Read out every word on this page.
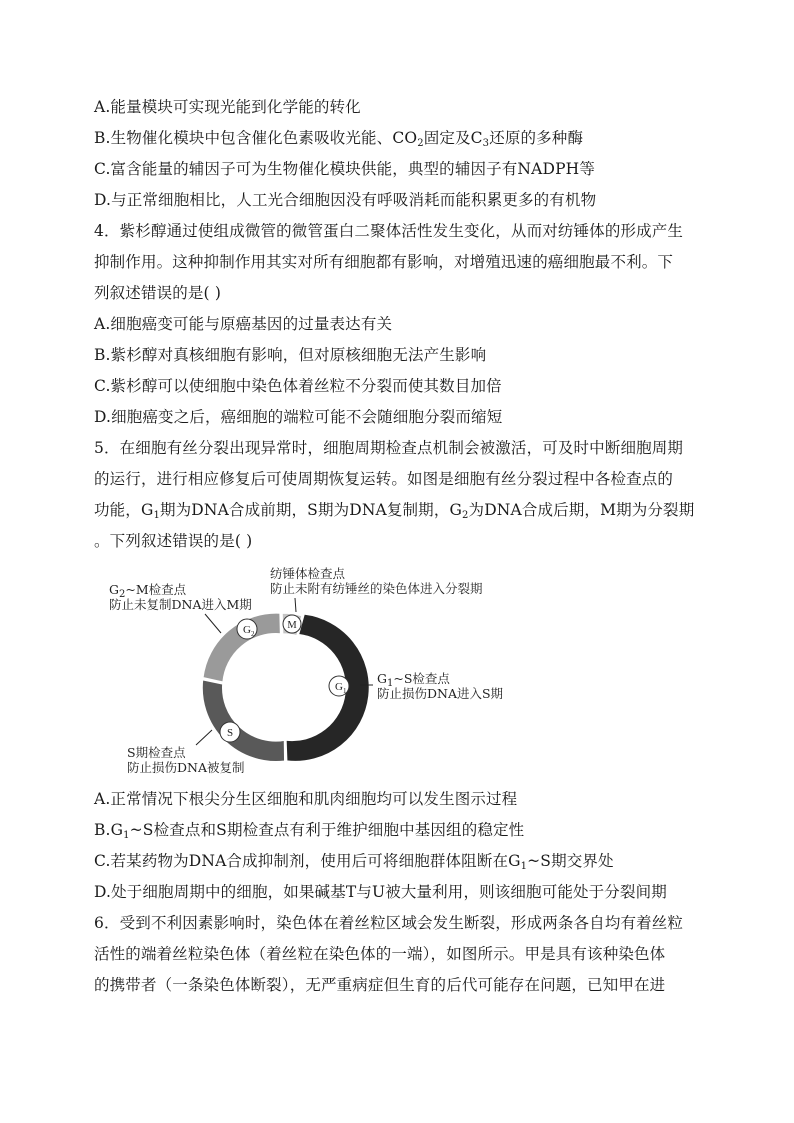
A.能量模块可实现光能到化学能的转化
B.生物催化模块中包含催化色素吸收光能、$CO_2$固定及$C_3$还原的多种酶
C.富含能量的辅因子可为生物催化模块供能，典型的辅因子有NADPH等
D.与正常细胞相比，人工光合细胞因没有呼吸消耗而能积累更多的有机物
4．紫杉醇通过使组成微管的微管蛋白二聚体活性发生变化，从而对纺锤体的形成产生
抑制作用。这种抑制作用其实对所有细胞都有影响，对增殖迅速的癌细胞最不利。下
列叙述错误的是( )
A.细胞癌变可能与原癌基因的过量表达有关
B.紫杉醇对真核细胞有影响，但对原核细胞无法产生影响
C.紫杉醇可以使细胞中染色体着丝粒不分裂而使其数目加倍
D.细胞癌变之后，癌细胞的端粒可能不会随细胞分裂而缩短
5．在细胞有丝分裂出现异常时，细胞周期检查点机制会被激活，可及时中断细胞周期
的运行，进行相应修复后可使周期恢复运转。如图是细胞有丝分裂过程中各检查点的
功能，$G_1$期为DNA合成前期，S期为DNA复制期，$G_2$为DNA合成后期，M期为分裂期
。下列叙述错误的是( )
$G_2$
M
$G_1$
S
$G_2\sim M$检查点
防止未复制DNA进入M期
纺锤体检查点
防止未附有纺锤丝的染色体进入分裂期
$G_1\sim S$检查点
防止损伤DNA进入S期
S期检查点
防止损伤DNA被复制
A.正常情况下根尖分生区细胞和肌肉细胞均可以发生图示过程
$B.G_1\sim S$检查点和S期检查点有利于维护细胞中基因组的稳定性
C.若某药物为DNA合成抑制剂，使用后可将细胞群体阻断在$G_1\sim S$期交界处
D.处于细胞周期中的细胞，如果碱基T与U被大量利用，则该细胞可能处于分裂间期
6．受到不利因素影响时，染色体在着丝粒区域会发生断裂，形成两条各自均有着丝粒
活性的端着丝粒染色体（着丝粒在染色体的一端），如图所示。甲是具有该种染色体
的携带者（一条染色体断裂），无严重病症但生育的后代可能存在问题，已知甲在进
